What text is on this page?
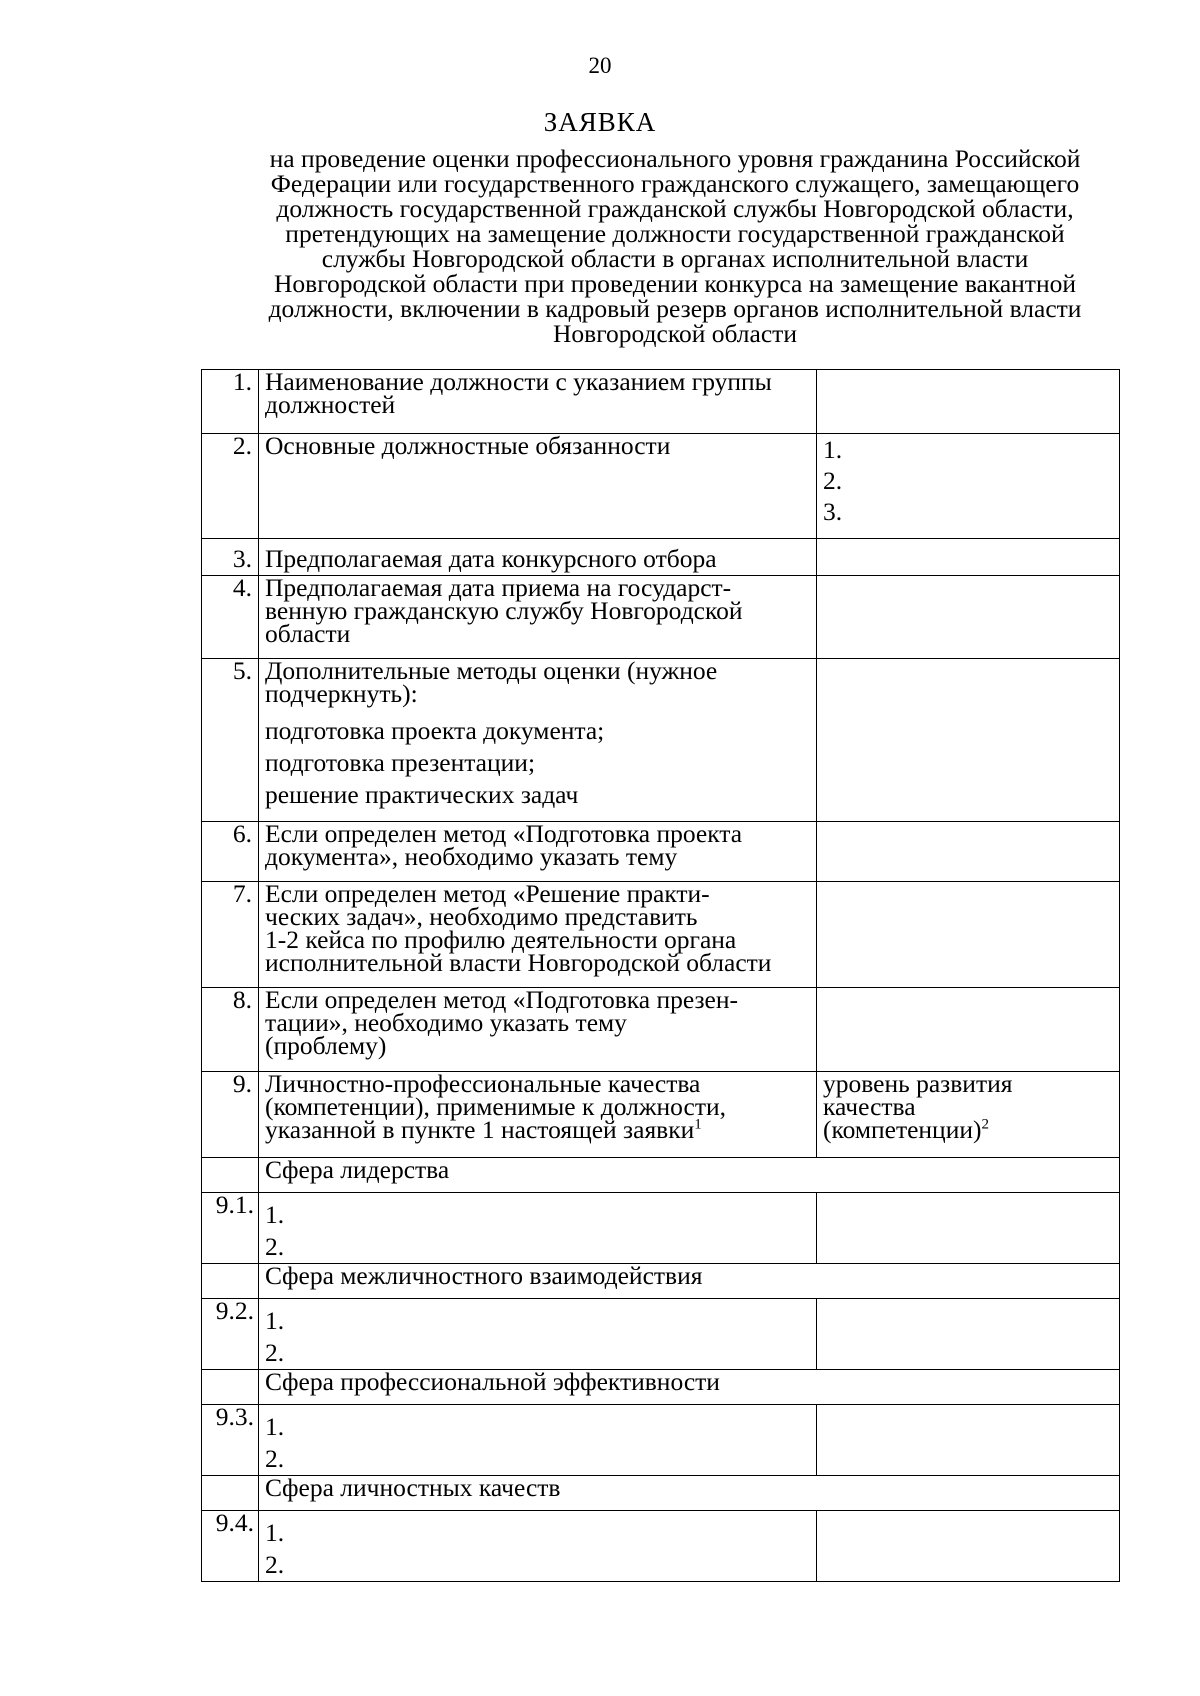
20
ЗАЯВКА
на проведение оценки профессионального уровня гражданина Российской
Федерации или государственного гражданского служащего, замещающего
должность государственной гражданской службы Новгородской области,
претендующих на замещение должности государственной гражданской
службы Новгородской области в органах исполнительной власти
Новгородской области при проведении конкурса на замещение вакантной
должности, включении в кадровый резерв органов исполнительной власти
Новгородской области
1.	Наименование должности с указанием группы
должностей	

2.	Основные должностные обязанности	1.
2.
3.

3.	Предполагаемая дата конкурсного отбора	

4.	Предполагаемая дата приема на государст-
венную гражданскую службу Новгородской
области	

5.	Дополнительные методы оценки (нужное
подчеркнуть):
подготовка проекта документа;
подготовка презентации;
решение практических задач	

6.	Если определен метод «Подготовка проекта
документа», необходимо указать тему	

7.	Если определен метод «Решение практи-
ческих задач», необходимо представить
1-2 кейса по профилю деятельности органа
исполнительной власти Новгородской области	

8.	Если определен метод «Подготовка презен-
тации», необходимо указать тему
(проблему)	

9.	Личностно-профессиональные качества
(компетенции), применимые к должности,
указанной в пункте 1 настоящей заявки$^1$	уровень развития
качества
(компетенции)$^2$

	Сфера лидерства	
9.1.	1.
2.	

	Сфера межличностного взаимодействия	
9.2.	1.
2.	

	Сфера профессиональной эффективности	
9.3.	1.
2.	

	Сфера личностных качеств	
9.4.	1.
2.	
